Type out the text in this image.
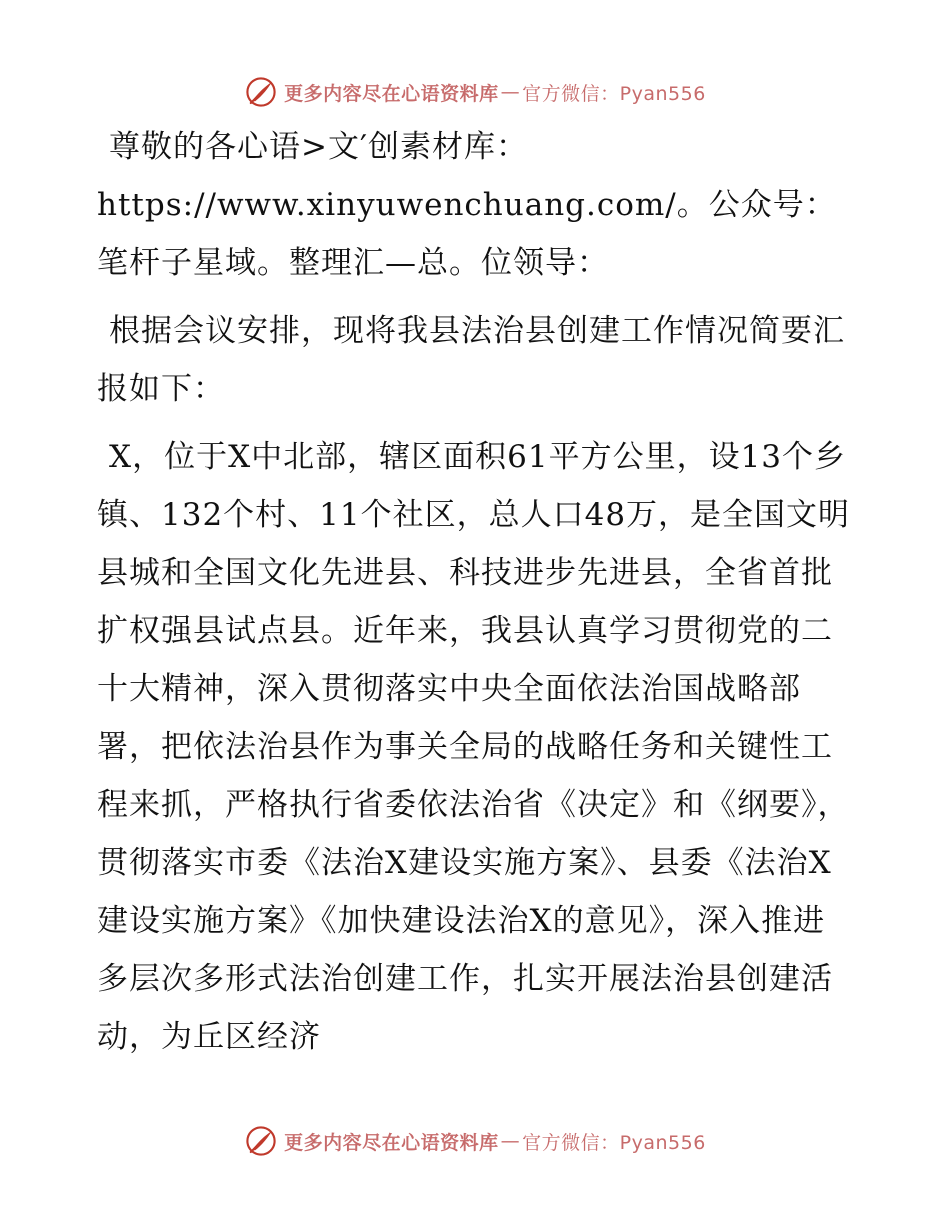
更多内容尽在心语资料库 — 官方微信：Pyan556

尊敬的各心语>文′创素材库：https://www.xinyuwenchuang.com/。公众号：笔杆子星域。整理汇—总。位领导：

根据会议安排，现将我县法治县创建工作情况简要汇报如下：

X，位于X中北部，辖区面积61平方公里，设13个乡镇、132个村、11个社区，总人口48万，是全国文明县城和全国文化先进县、科技进步先进县，全省首批扩权强县试点县。近年来，我县认真学习贯彻党的二十大精神，深入贯彻落实中央全面依法治国战略部署，把依法治县作为事关全局的战略任务和关键性工程来抓，严格执行省委依法治省《决定》和《纲要》，贯彻落实市委《法治X建设实施方案》、县委《法治X建设实施方案》《加快建设法治X的意见》，深入推进多层次多形式法治创建工作，扎实开展法治县创建活动，为丘区经济

更多内容尽在心语资料库 — 官方微信：Pyan556
